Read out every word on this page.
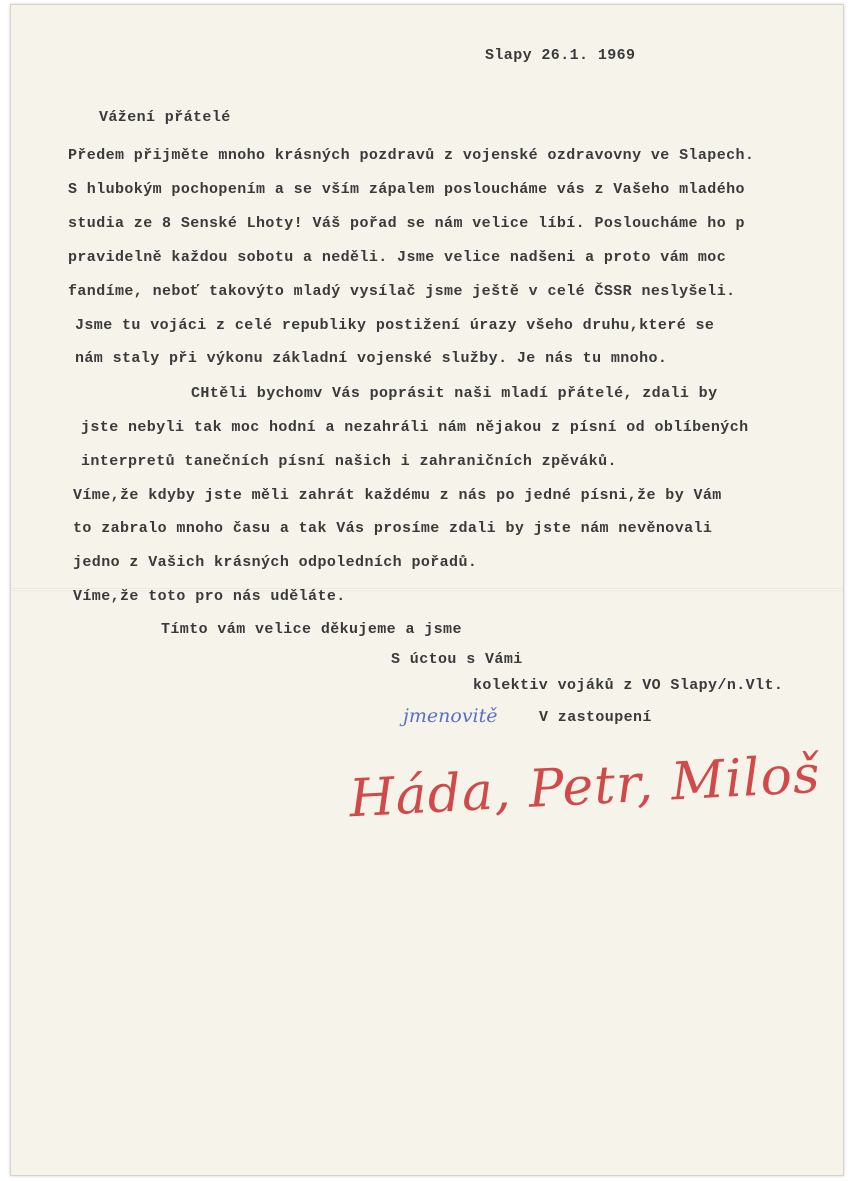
Slapy 26.1. 1969

Vážení přátelé

Předem přijměte mnoho krásných pozdravů z vojenské ozdravovny ve Slapech.

S hlubokým pochopením a se vším zápalem posloucháme vás z Vašeho mladého

studia ze 8 Senské Lhoty! Váš pořad se nám velice líbí. Posloucháme ho p

pravidelně každou sobotu a neděli. Jsme velice nadšeni a proto vám moc

fandíme, neboť takovýto mladý vysílač jsme ještě v celé ČSSR neslyšeli.

Jsme tu vojáci z celé republiky postižení úrazy všeho druhu,které se

nám staly při výkonu základní vojenské služby. Je nás tu mnoho.

CHtěli bychomv Vás poprásit naši mladí přátelé, zdali by

jste nebyli tak moc hodní a nezahráli nám nějakou z písní od oblíbených

interpretů tanečních písní našich i zahraničních zpěváků.

Víme,že kdyby jste měli zahrát každému z nás po jedné písni,že by Vám

to zabralo mnoho času a tak Vás prosíme zdali by jste nám nevěnovali

jedno z Vašich krásných odpoledních pořadů.

Víme,že toto pro nás uděláte.

Tímto vám velice děkujeme a jsme

S úctou s Vámi

kolektiv vojáků z VO Slapy/n.Vlt.

jmenovitě	V zastoupení

Háda, Petr, Miloš
